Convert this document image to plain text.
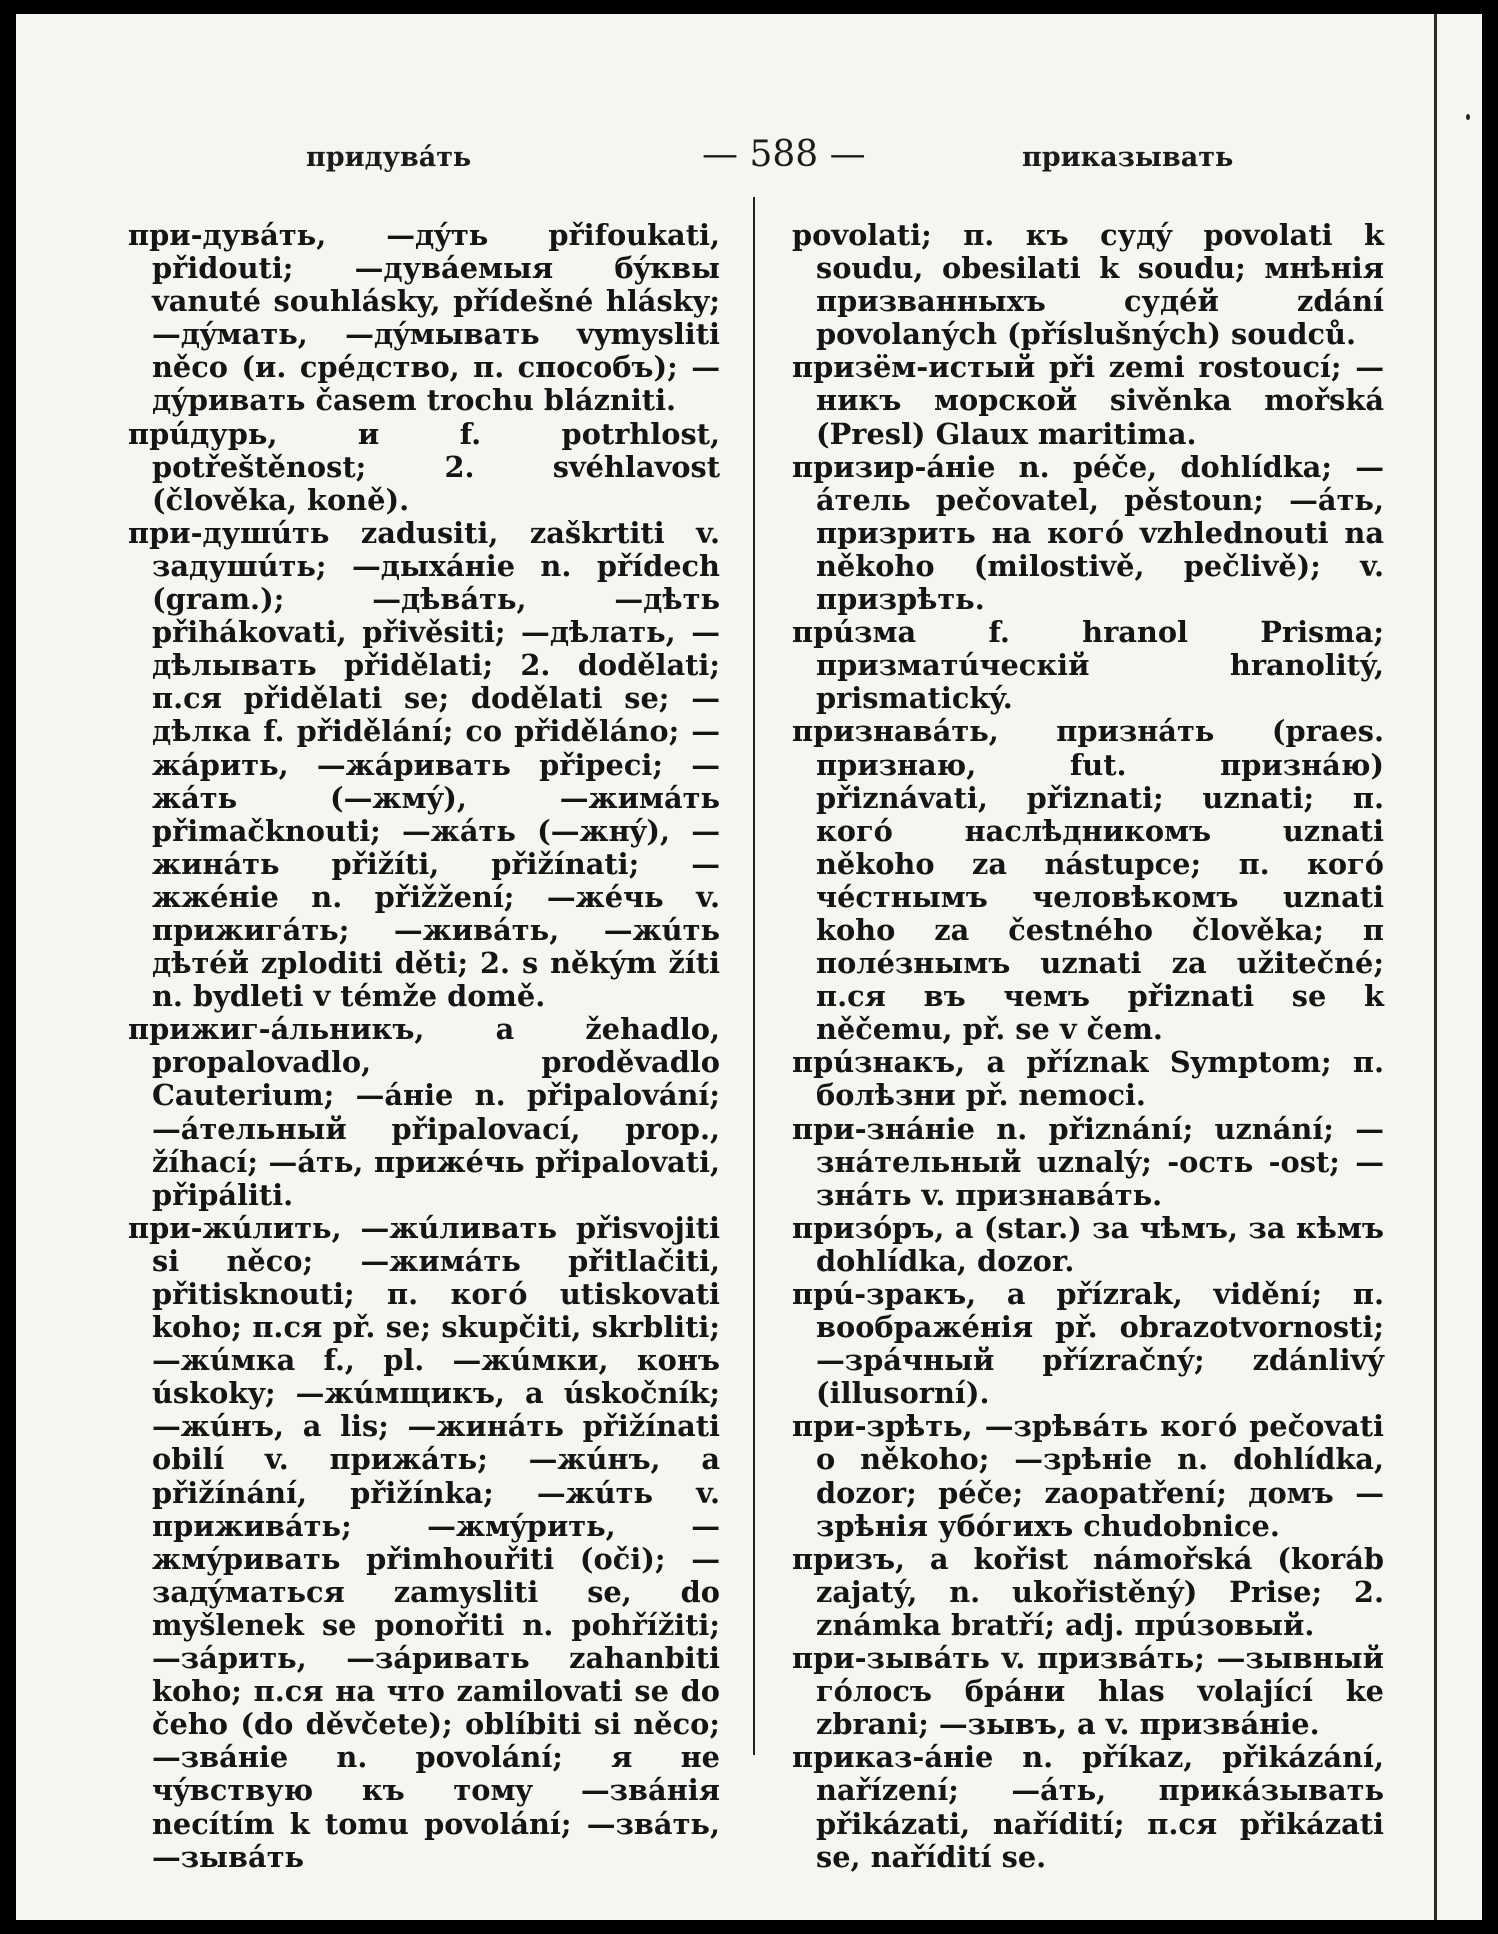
придувáть	— 588 —	приказывать

при-дувáть, —дýть přifoukati, přidouti; —дувáемыя бýквы vanuté souhlásky, přídešné hlásky; —дýмать, —дýмывать vymysliti něco (и. срéдство, п. способъ); —дýривать časem trochu blázniti.

прúдурь, и f. potrhlost, potřeštěnost; 2. svéhlavost (člověka, koně).

при-душúть zadusiti, zaškrtiti v. задушúть; —дыхáніе n. přídech (gram.); —дѣвáть, —дѣть přihákovati, přivěsiti; —дѣлать, —дѣлывать přidělati; 2. dodělati; п.ся přidělati se; dodělati se; —дѣлка f. přidělání; co přiděláno; —жáрить, —жáривать připeci; —жáть (—жмý), —жимáть přimačknouti; —жáть (—жнý), —жинáть přižíti, přižínati; —жжéніе n. přižžení; —жéчь v. прижигáть; —живáть, —жúть дѣтéй zploditi děti; 2. s někým žíti n. bydleti v témže domě.

прижиг-áльникъ, a žehadlo, propalovadlo, proděvadlo Cauterium; —áніе n. připalování; —áтельный připalovací, prop., žíhací; —áть, прижéчь připalovati, připáliti.

при-жúлить, —жúливать přisvojiti si něco; —жимáть přitlačiti, přitisknouti; п. когó utiskovati koho; п.ся př. se; skupčiti, skrbliti; —жúмка f., pl. —жúмки, конъ úskoky; —жúмщикъ, a úskočník; —жúнъ, a lis; —жинáть přižínati obilí v. прижáть; —жúнъ, a přižínání, přižínka; —жúть v. приживáть; —жмýрить, —жмýривать přimhouřiti (oči); —задýматься zamysliti se, do myšlenek se ponořiti n. pohřížiti; —зáрить, —зáривать zahanbiti koho; п.ся на что zamilovati se do čeho (do děvčete); oblíbiti si něco; —звáніе n. povolání; я не чýвствую къ томy —звáнія necítím k tomu povolání; —звáть, —зывáть

povolati; п. къ судý povolati k soudu, obesilati k soudu; мнѣнія призванныхъ судéй zdání povolaných (příslušných) soudců.

призём-истый při zemi rostoucí; —никъ морской sivěnka mořská (Presl) Glaux maritima.

призир-áніе n. péče, dohlídka; —áтель pečovatel, pěstoun; —áть, призрить на когó vzhlednouti na někoho (milostivě, pečlivě); v. призрѣть.

прúзма f. hranol Prisma; призматúческій hranolitý, prismatický.

признавáть, признáть (praes. признаю, fut. признáю) přiznávati, přiznati; uznati; п. когó наслѣдникомъ uznati někoho za nástupce; п. когó чéстнымъ человѣкомъ uznati koho za čestného člověka; п полéзнымъ uznati za užitečné; п.ся въ чемъ přiznati se k něčemu, př. se v čem.

прúзнакъ, a příznak Symptom; п. болѣзни př. nemoci.

при-знáніе n. přiznání; uznání; —знáтельный uznalý; -ость -ost; —знáть v. признавáть.

призóръ, a (star.) за чѣмъ, за кѣмъ dohlídka, dozor.

прú-зракъ, a přízrak, vidění; п. воображéнія př. obrazotvornosti; —зрáчный přízračný; zdánlivý (illusorní).

при-зрѣть, —зрѣвáть когó pečovati o někoho; —зрѣніе n. dohlídka, dozor; péče; zaopatření; домъ —зрѣнія убóгихъ chudobnice.

призъ, a kořist námořská (koráb zajatý, n. ukořistěný) Prise; 2. známka bratří; adj. прúзовый.

при-зывáть v. призвáть; —зывный гóлосъ брáни hlas volající ke zbrani; —зывъ, a v. призвáніе.

приказ-áніе n. příkaz, přikázání, nařízení; —áть, прикáзывать přikázati, nařídití; п.ся přikázati se, nařídití se.
